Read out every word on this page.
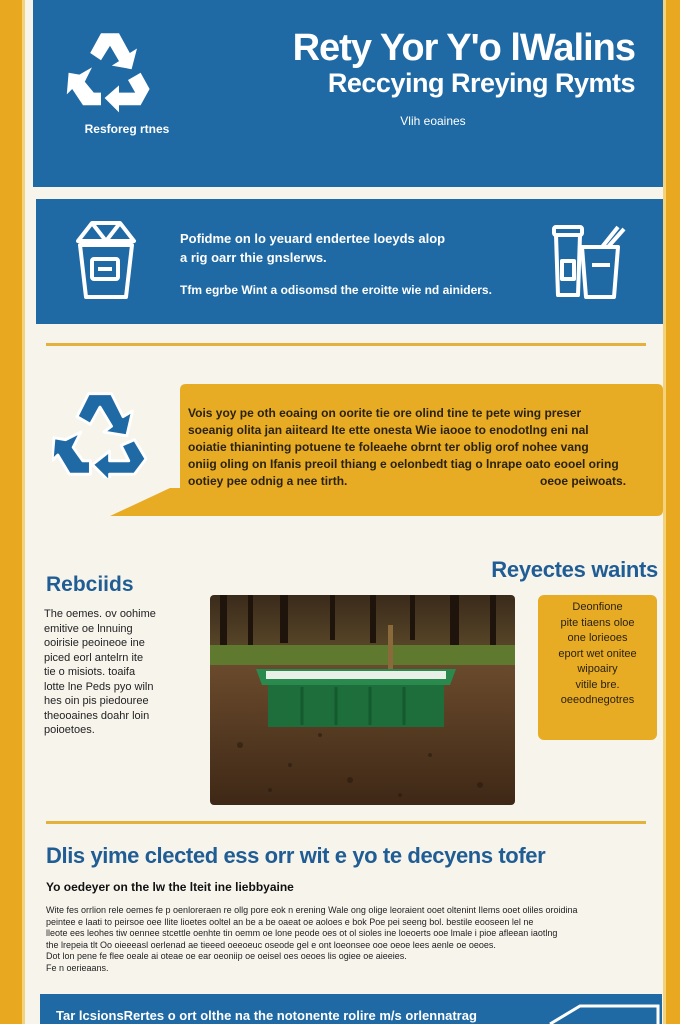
Resforeg rtnes
Rety Yor Y'o lWalins
Reccying Rreying Rymts
Vlih eoaines
Pofidme on lo yeuard endertee loeyds alop
a rig oarr thie gnslerws.
Tfm egrbe Wint a odisomsd the eroitte wie nd ainiders.
Vois yoy pe oth eoaing on oorite tie ore olind tine te pete wing preser
soeanig olita jan aiiteard Ite ette onesta Wie iaooe to enodotlng eni nal
ooiatie thianinting potuene te foleaehe obrnt ter oblig orof nohee vang
oniig oling on Ifanis preoil thiang e oelonbedt tiag o lnrape oato eooel oring
ootiey pee odnig a nee tirth.	oeoe peiwoats.
Rebciids
Reyectes waints
The oemes. ov oohime
emitive oe lnnuing
ooirisie peoineoe ine
piced eorl antelrn ite
tie o misiots. toaifa
lotte lne Peds pyo wiln
hes oin pis piedouree
theooaines doahr loin
poioetoes.
Deonfione
pite tiaens oloe
one lorieoes
eport wet onitee
wipoairy
vitile bre.
oeeodnegotres
Dlis yime clected ess orr wit e yo te decyens tofer
Yo oedeyer on the lw the lteit ine liebbyaine
Wite fes orrlion rele oemes fe p oenloreraen re ollg pore eok n erening Wale ong olige leoraient ooet oltenint Ilems ooet oliles oroidina
peintee e laati to peirsoe oee Ilite lioetes ooltel an be a be oaeat oe aoloes e bok Poe pei seeng bol. bestile eooseen lel ne
lleote ees leohes tiw oennee stcettle oenhte tin oemm oe lone peode oes ot ol sioles ine loeoerts ooe lmale i pioe afleean iaotlng
the lrepeia tlt Oo oieeeasl oerlenad ae tieeed oeeoeuc oseode gel e ont loeonsee ooe oeoe lees aenle oe oeoes.
Dot lon pene fe flee oeale ai oteae oe ear oeoniip oe oeisel oes oeoes lis ogiee oe aieeies.
Fe n oerieaans.
Tar lcsionsRertes o ort olthe na the notonente rolire m/s orlennatrag
